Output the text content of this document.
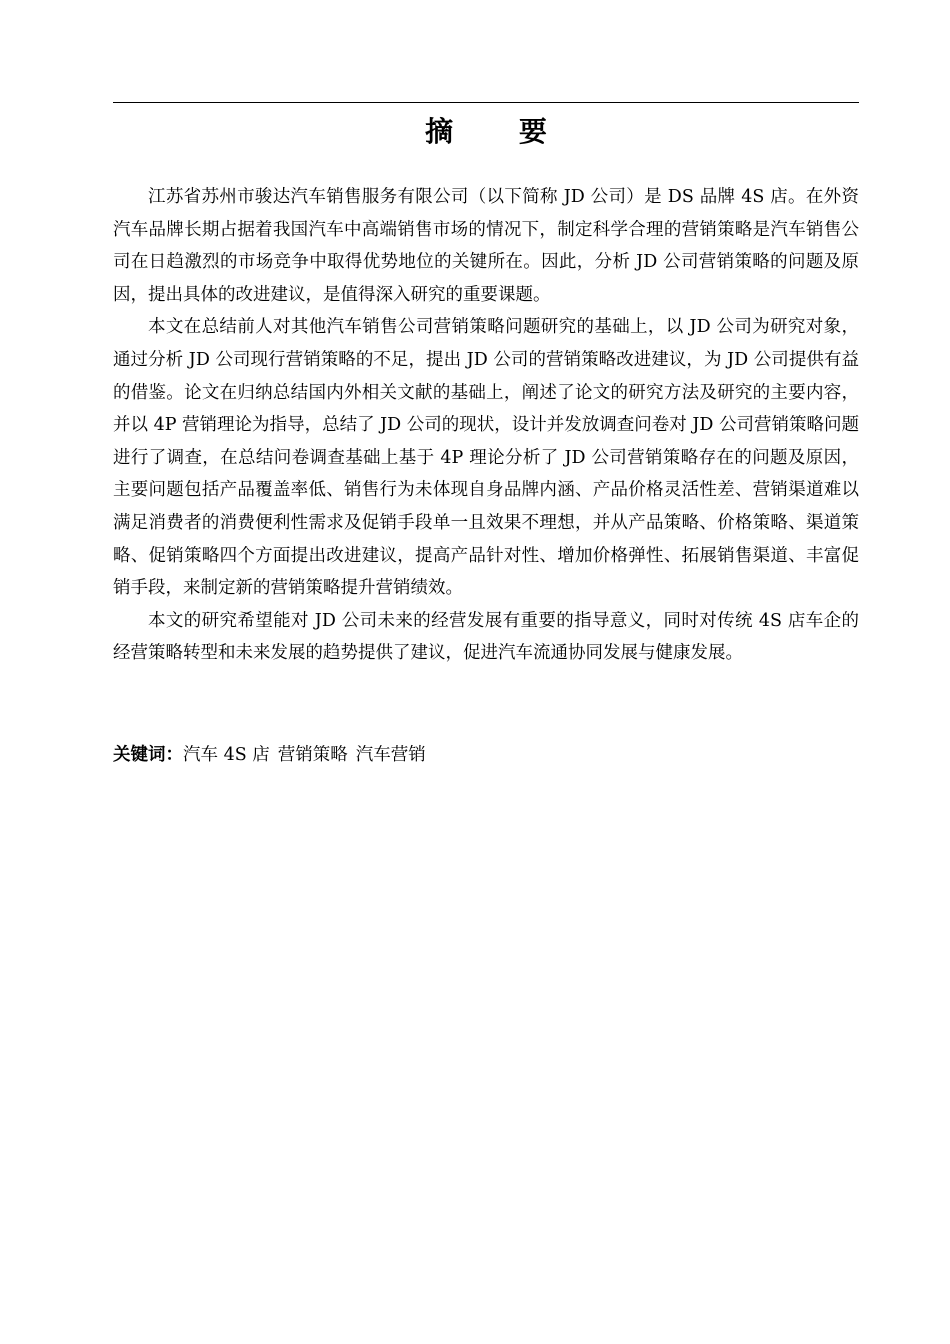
摘 要

江苏省苏州市骏达汽车销售服务有限公司（以下简称 JD 公司）是 DS 品牌 4S 店。在外资汽车品牌长期占据着我国汽车中高端销售市场的情况下，制定科学合理的营销策略是汽车销售公司在日趋激烈的市场竞争中取得优势地位的关键所在。因此，分析 JD 公司营销策略的问题及原因，提出具体的改进建议，是值得深入研究的重要课题。

本文在总结前人对其他汽车销售公司营销策略问题研究的基础上，以 JD 公司为研究对象，通过分析 JD 公司现行营销策略的不足，提出 JD 公司的营销策略改进建议，为 JD 公司提供有益的借鉴。论文在归纳总结国内外相关文献的基础上，阐述了论文的研究方法及研究的主要内容，并以 4P 营销理论为指导，总结了 JD 公司的现状，设计并发放调查问卷对 JD 公司营销策略问题进行了调查，在总结问卷调查基础上基于 4P 理论分析了 JD 公司营销策略存在的问题及原因，主要问题包括产品覆盖率低、销售行为未体现自身品牌内涵、产品价格灵活性差、营销渠道难以满足消费者的消费便利性需求及促销手段单一且效果不理想，并从产品策略、价格策略、渠道策略、促销策略四个方面提出改进建议，提高产品针对性、增加价格弹性、拓展销售渠道、丰富促销手段，来制定新的营销策略提升营销绩效。

本文的研究希望能对 JD 公司未来的经营发展有重要的指导意义，同时对传统 4S 店车企的经营策略转型和未来发展的趋势提供了建议，促进汽车流通协同发展与健康发展。

关键词：汽车 4S 店 营销策略 汽车营销
